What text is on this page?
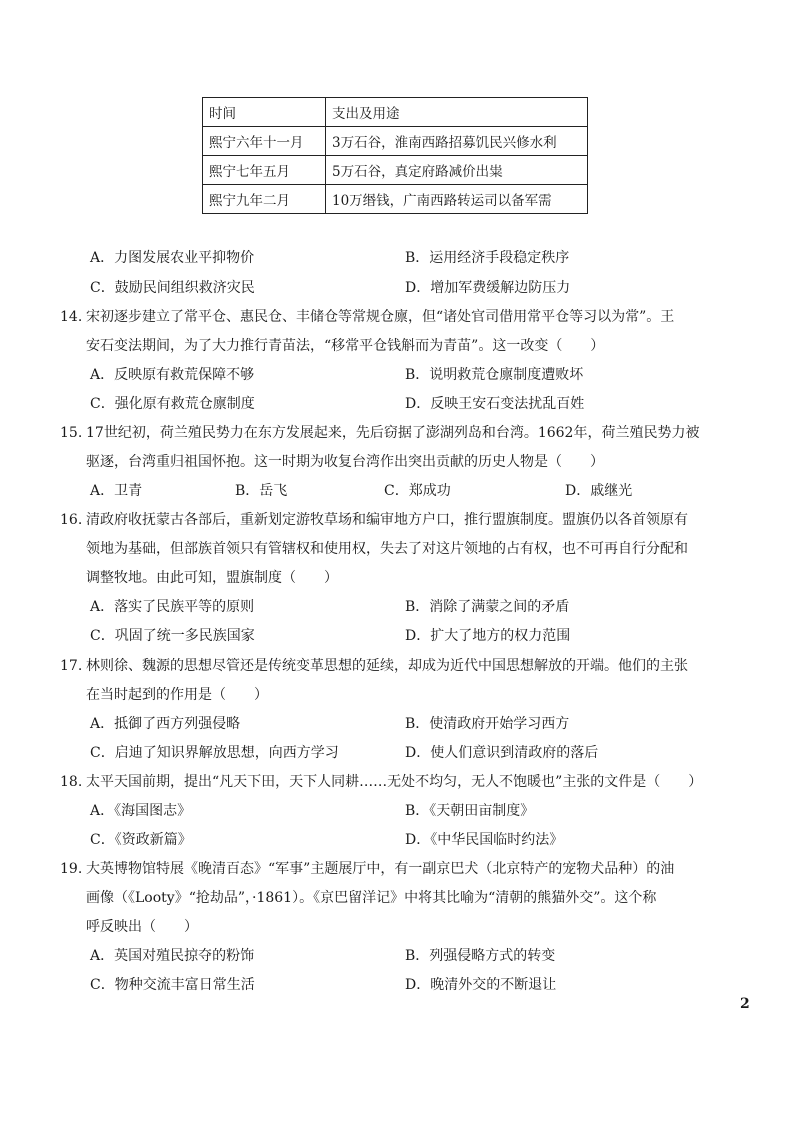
时间	支出及用途
熙宁六年十一月	3万石谷，淮南西路招募饥民兴修水利
熙宁七年五月	5万石谷，真定府路减价出粜
熙宁九年二月	10万缗钱，广南西路转运司以备军需
A．力图发展农业平抑物价	B．运用经济手段稳定秩序
C．鼓励民间组织救济灾民	D．增加军费缓解边防压力
14. 宋初逐步建立了常平仓、惠民仓、丰储仓等常规仓廪，但“诸处官司借用常平仓等习以为常”。王
安石变法期间，为了大力推行青苗法，“移常平仓钱斛而为青苗”。这一改变（　　）
A．反映原有救荒保障不够	B．说明救荒仓廪制度遭败坏
C．强化原有救荒仓廪制度	D．反映王安石变法扰乱百姓
15. 17世纪初，荷兰殖民势力在东方发展起来，先后窃据了澎湖列岛和台湾。1662年，荷兰殖民势力被
驱逐，台湾重归祖国怀抱。这一时期为收复台湾作出突出贡献的历史人物是（　　）
A．卫青	B．岳飞	C．郑成功	D．戚继光
16. 清政府收抚蒙古各部后，重新划定游牧草场和编审地方户口，推行盟旗制度。盟旗仍以各首领原有
领地为基础，但部族首领只有管辖权和使用权，失去了对这片领地的占有权，也不可再自行分配和
调整牧地。由此可知，盟旗制度（　　）
A．落实了民族平等的原则	B．消除了满蒙之间的矛盾
C．巩固了统一多民族国家	D．扩大了地方的权力范围
17. 林则徐、魏源的思想尽管还是传统变革思想的延续，却成为近代中国思想解放的开端。他们的主张
在当时起到的作用是（　　）
A．抵御了西方列强侵略	B．使清政府开始学习西方
C．启迪了知识界解放思想，向西方学习	D．使人们意识到清政府的落后
18. 太平天国前期，提出“凡天下田，天下人同耕……无处不均匀，无人不饱暖也”主张的文件是（　　）
A．《海国图志》	B．《天朝田亩制度》
C．《资政新篇》	D．《中华民国临时约法》
19. 大英博物馆特展《晚清百态》“军事”主题展厅中，有一副京巴犬（北京特产的宠物犬品种）的油
画像（《Looty》“抢劫品”，·1861）。《京巴留洋记》中将其比喻为“清朝的熊猫外交”。这个称
呼反映出（　　）
A．英国对殖民掠夺的粉饰	B．列强侵略方式的转变
C．物种交流丰富日常生活	D．晚清外交的不断退让
2
